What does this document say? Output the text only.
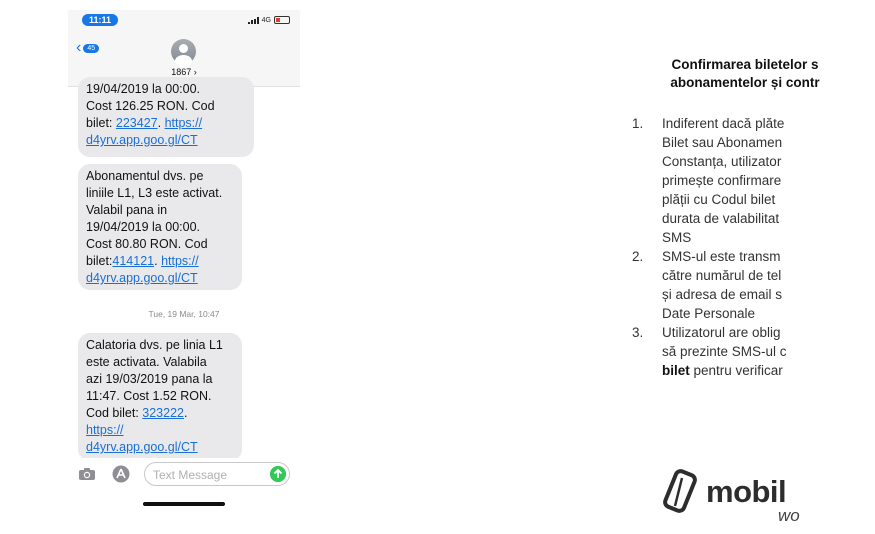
11:11	4G
‹ 45
1867 ›
19/04/2019 la 00:00.
Cost 126.25 RON. Cod
bilet: 223427. https://
d4yrv.app.goo.gl/CT
Abonamentul dvs. pe
liniile L1, L3 este activat.
Valabil pana in
19/04/2019 la 00:00.
Cost 80.80 RON. Cod
bilet:414121. https://
d4yrv.app.goo.gl/CT
Tue, 19 Mar, 10:47
Calatoria dvs. pe linia L1
este activata. Valabila
azi 19/03/2019 pana la
11:47. Cost 1.52 RON.
Cod bilet: 323222.
https://
d4yrv.app.goo.gl/CT
Text Message
Confirmarea biletelor s
abonamentelor și contr
1. Indiferent dacă plăte
Bilet sau Abonamen
Constanța, utilizator
primește confirmare
plății cu Codul bilet
durata de valabilitat
SMS
2. SMS-ul este transm
către numărul de tel
și adresa de email s
Date Personale
3. Utilizatorul are oblig
să prezinte SMS-ul c
bilet pentru verificar
mobil
wo
